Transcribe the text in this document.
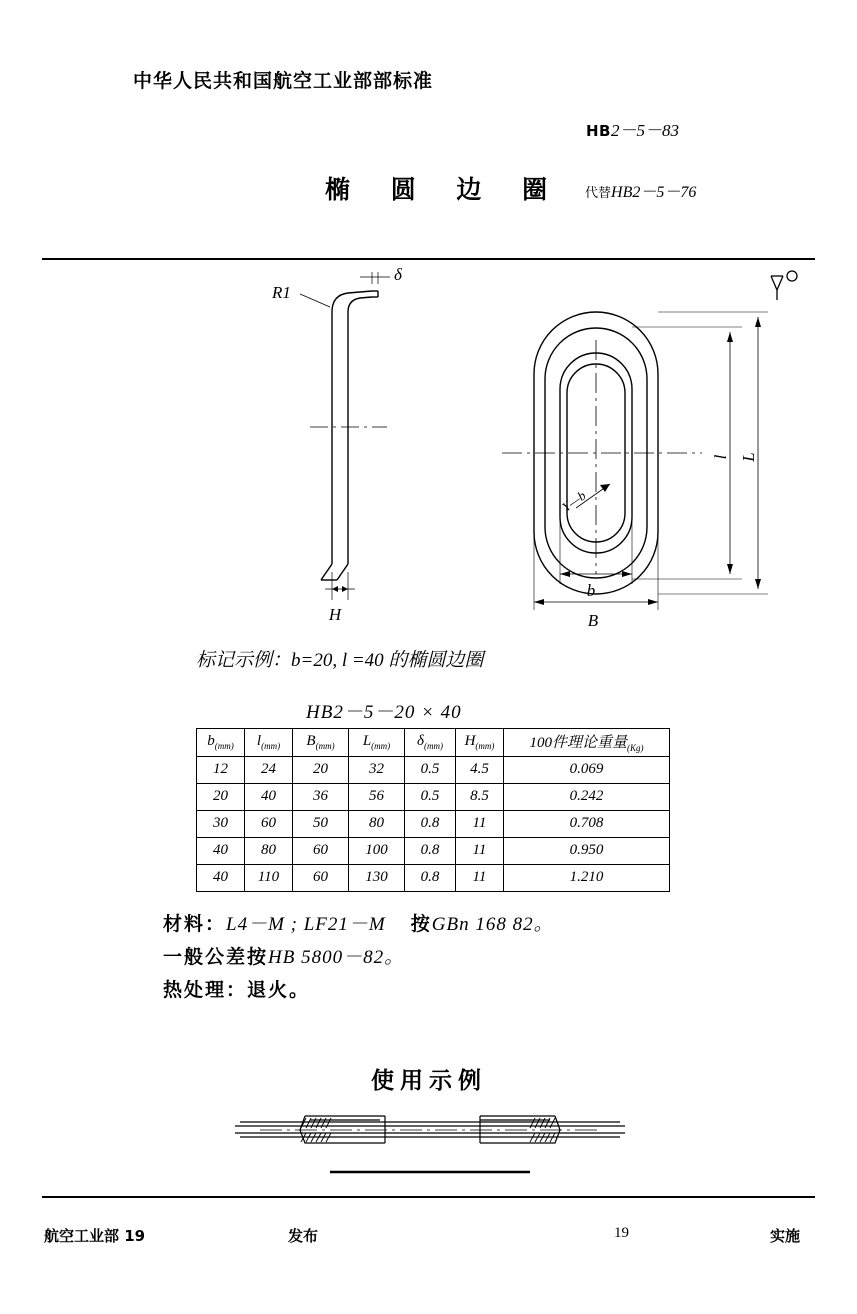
中华人民共和国航空工业部部标准
HB2－5－83
椭 圆 边 圈 代替HB2－5－76
R1
δ
H
b
B
l L
Y—b
标记示例：b=20, l =40 的椭圆边圈
HB2－5－20 × 40
$b_{(mm)}$	$l_{(mm)}$	$B_{(mm)}$	$L_{(mm)}$	$\delta_{(mm)}$	$H_{(mm)}$	100件理论重量$_{(Kg)}$
12	24	20	32	0.5	4.5	0.069
20	40	36	56	0.5	8.5	0.242
30	60	50	80	0.8	11	0.708
40	80	60	100	0.8	11	0.950
40	110	60	130	0.8	11	1.210
材料：L4－M ; LF21－M 按GBn 168 82。
一般公差按HB 5800－82。
热处理：退火。
使用示例
航空工业部 19	发布	19	实施
